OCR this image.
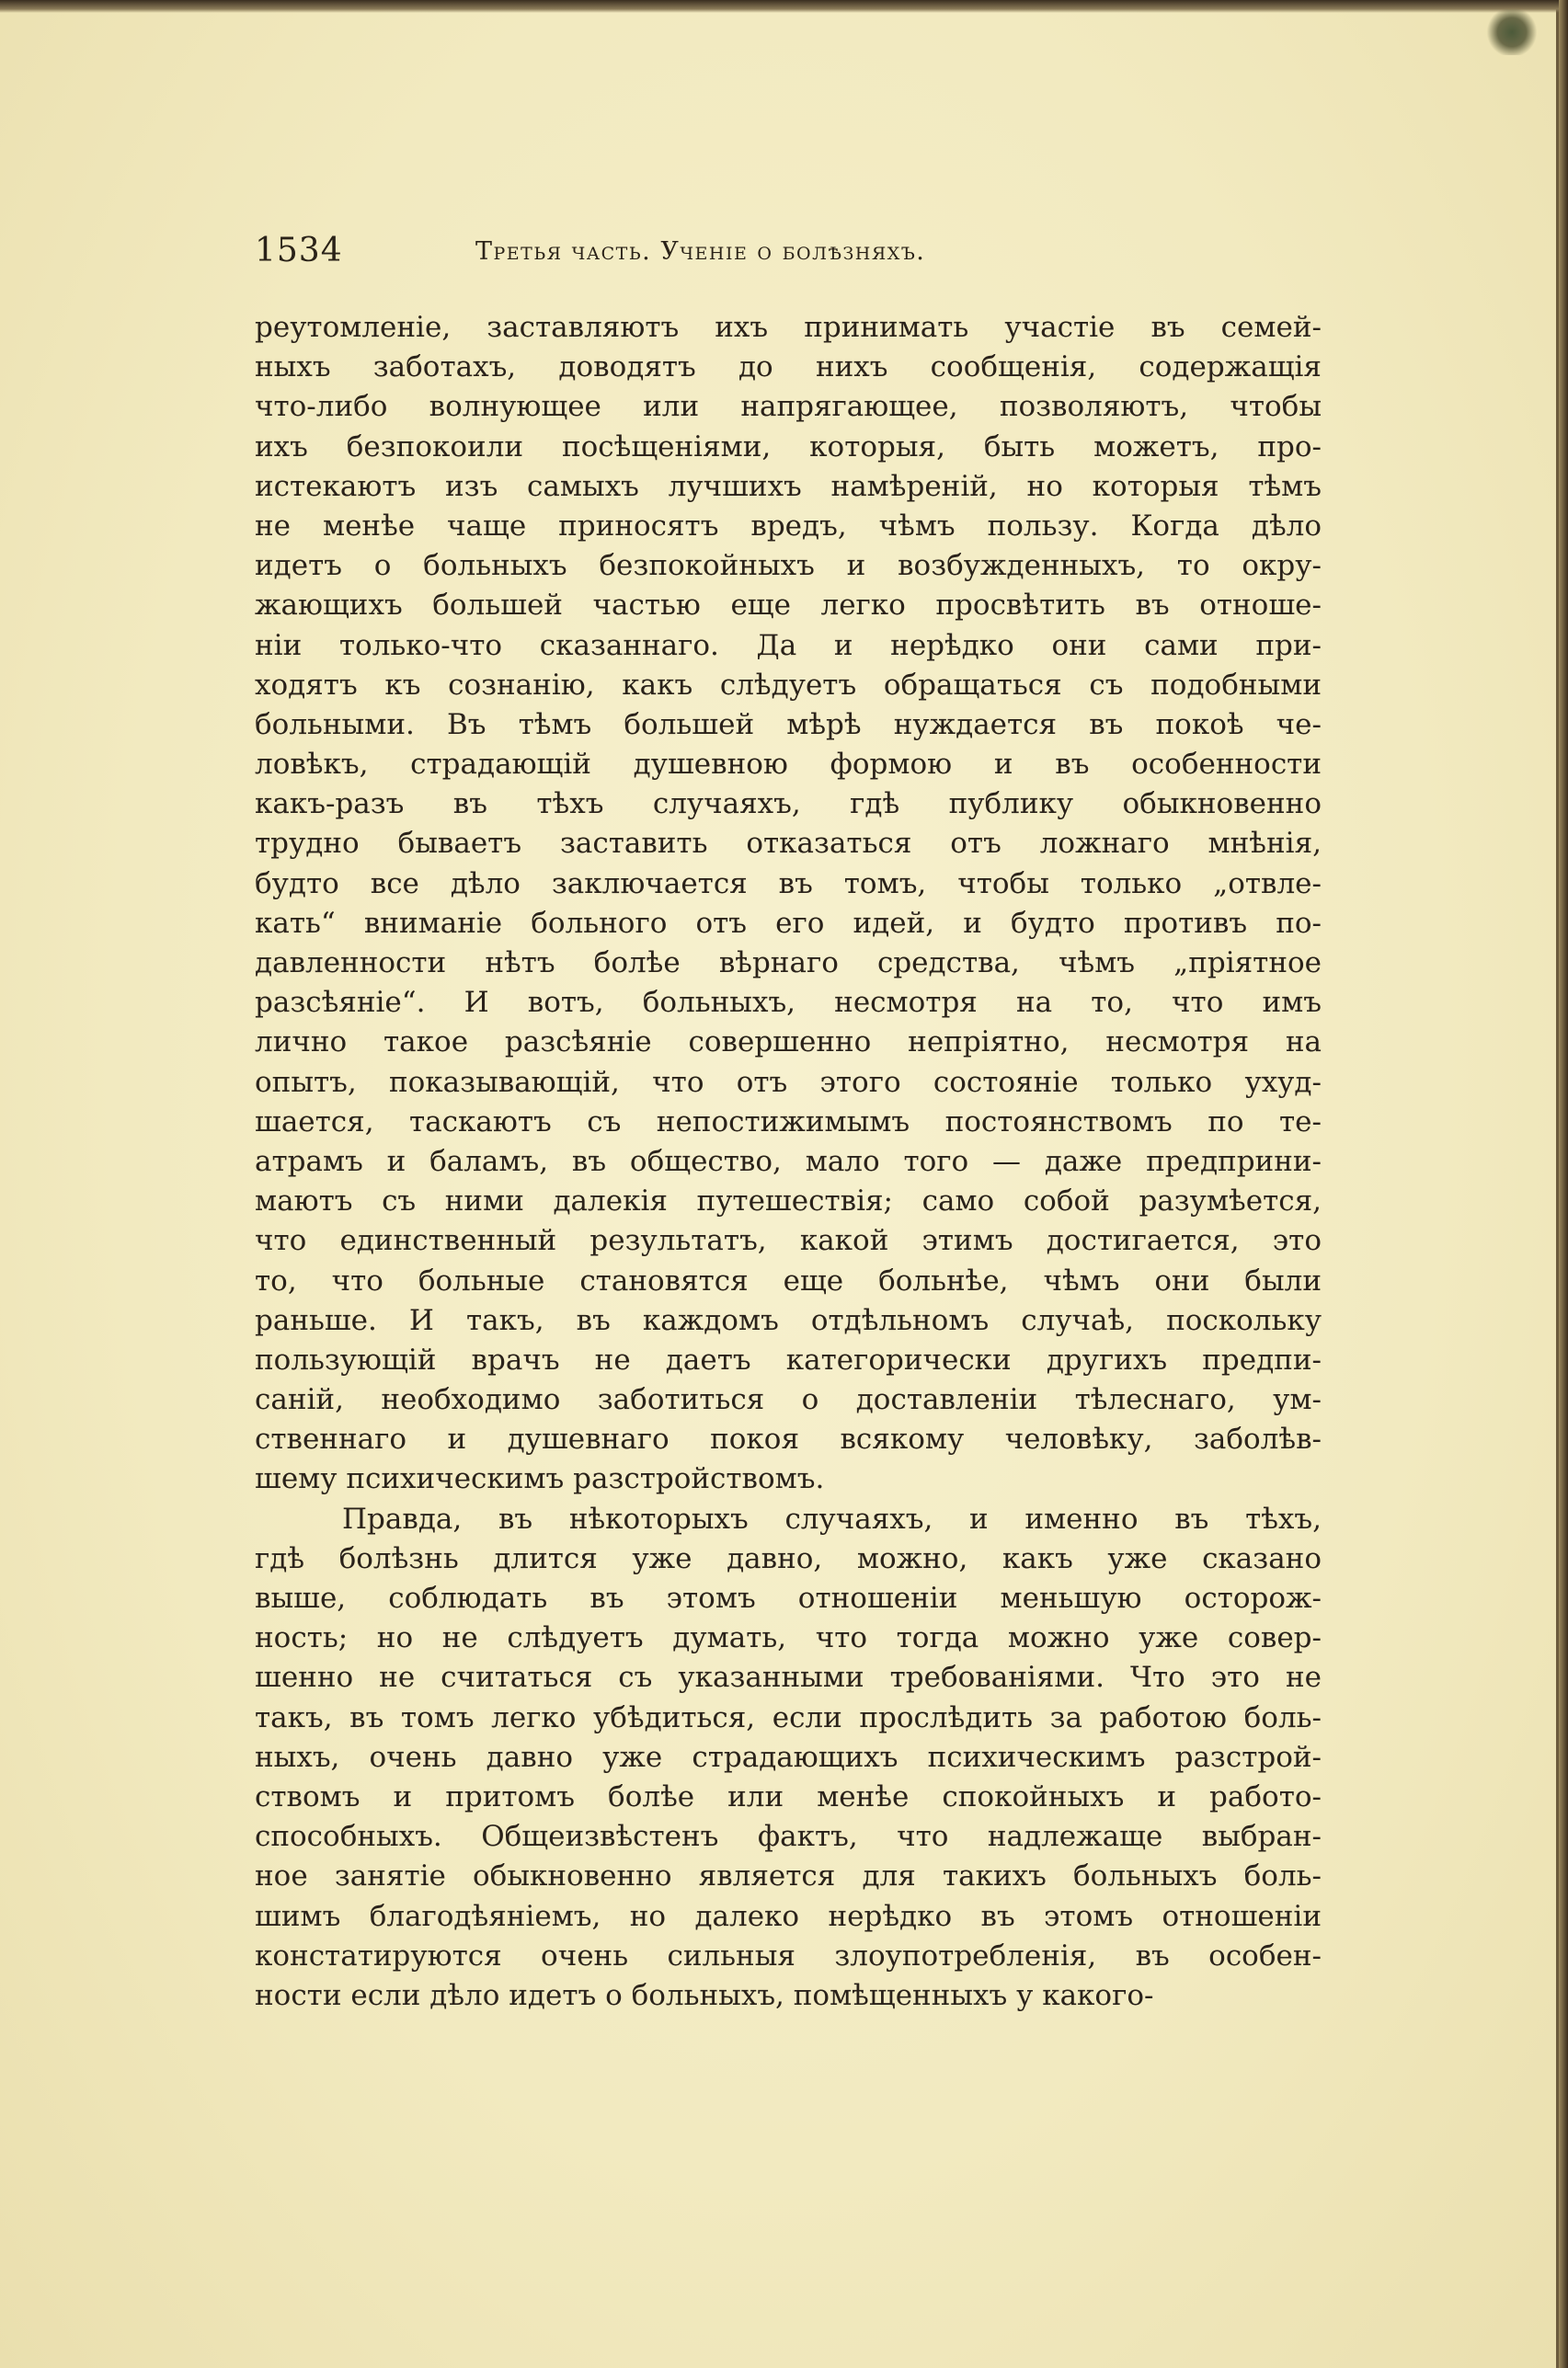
1534	Третья часть. Ученіе о болѣзняхъ.
реутомленіе, заставляютъ ихъ принимать участіе въ семей-
ныхъ заботахъ, доводятъ до нихъ сообщенія, содержащія
что-либо волнующее или напрягающее, позволяютъ, чтобы
ихъ безпокоили посѣщеніями, которыя, быть можетъ, про-
истекаютъ изъ самыхъ лучшихъ намѣреній, но которыя тѣмъ
не менѣе чаще приносятъ вредъ, чѣмъ пользу. Когда дѣло
идетъ о больныхъ безпокойныхъ и возбужденныхъ, то окру-
жающихъ большей частью еще легко просвѣтить въ отноше-
ніи только-что сказаннаго. Да и нерѣдко они сами при-
ходятъ къ сознанію, какъ слѣдуетъ обращаться съ подобными
больными. Въ тѣмъ большей мѣрѣ нуждается въ покоѣ че-
ловѣкъ, страдающій душевною формою и въ особенности
какъ-разъ въ тѣхъ случаяхъ, гдѣ публику обыкновенно
трудно бываетъ заставить отказаться отъ ложнаго мнѣнія,
будто все дѣло заключается въ томъ, чтобы только „отвле-
кать“ вниманіе больного отъ его идей, и будто противъ по-
давленности нѣтъ болѣе вѣрнаго средства, чѣмъ „пріятное
разсѣяніе“. И вотъ, больныхъ, несмотря на то, что имъ
лично такое разсѣяніе совершенно непріятно, несмотря на
опытъ, показывающій, что отъ этого состояніе только ухуд-
шается, таскаютъ съ непостижимымъ постоянствомъ по те-
атрамъ и баламъ, въ общество, мало того — даже предприни-
маютъ съ ними далекія путешествія; само собой разумѣется,
что единственный результатъ, какой этимъ достигается, это
то, что больные становятся еще больнѣе, чѣмъ они были
раньше. И такъ, въ каждомъ отдѣльномъ случаѣ, поскольку
пользующій врачъ не даетъ категорически другихъ предпи-
саній, необходимо заботиться о доставленіи тѣлеснаго, ум-
ственнаго и душевнаго покоя всякому человѣку, заболѣв-
шему психическимъ разстройствомъ.
Правда, въ нѣкоторыхъ случаяхъ, и именно въ тѣхъ,
гдѣ болѣзнь длится уже давно, можно, какъ уже сказано
выше, соблюдать въ этомъ отношеніи меньшую осторож-
ность; но не слѣдуетъ думать, что тогда можно уже совер-
шенно не считаться съ указанными требованіями. Что это не
такъ, въ томъ легко убѣдиться, если прослѣдить за работою боль-
ныхъ, очень давно уже страдающихъ психическимъ разстрой-
ствомъ и притомъ болѣе или менѣе спокойныхъ и работо-
способныхъ. Общеизвѣстенъ фактъ, что надлежаще выбран-
ное занятіе обыкновенно является для такихъ больныхъ боль-
шимъ благодѣяніемъ, но далеко нерѣдко въ этомъ отношеніи
констатируются очень сильныя злоупотребленія, въ особен-
ности если дѣло идетъ о больныхъ, помѣщенныхъ у какого-
